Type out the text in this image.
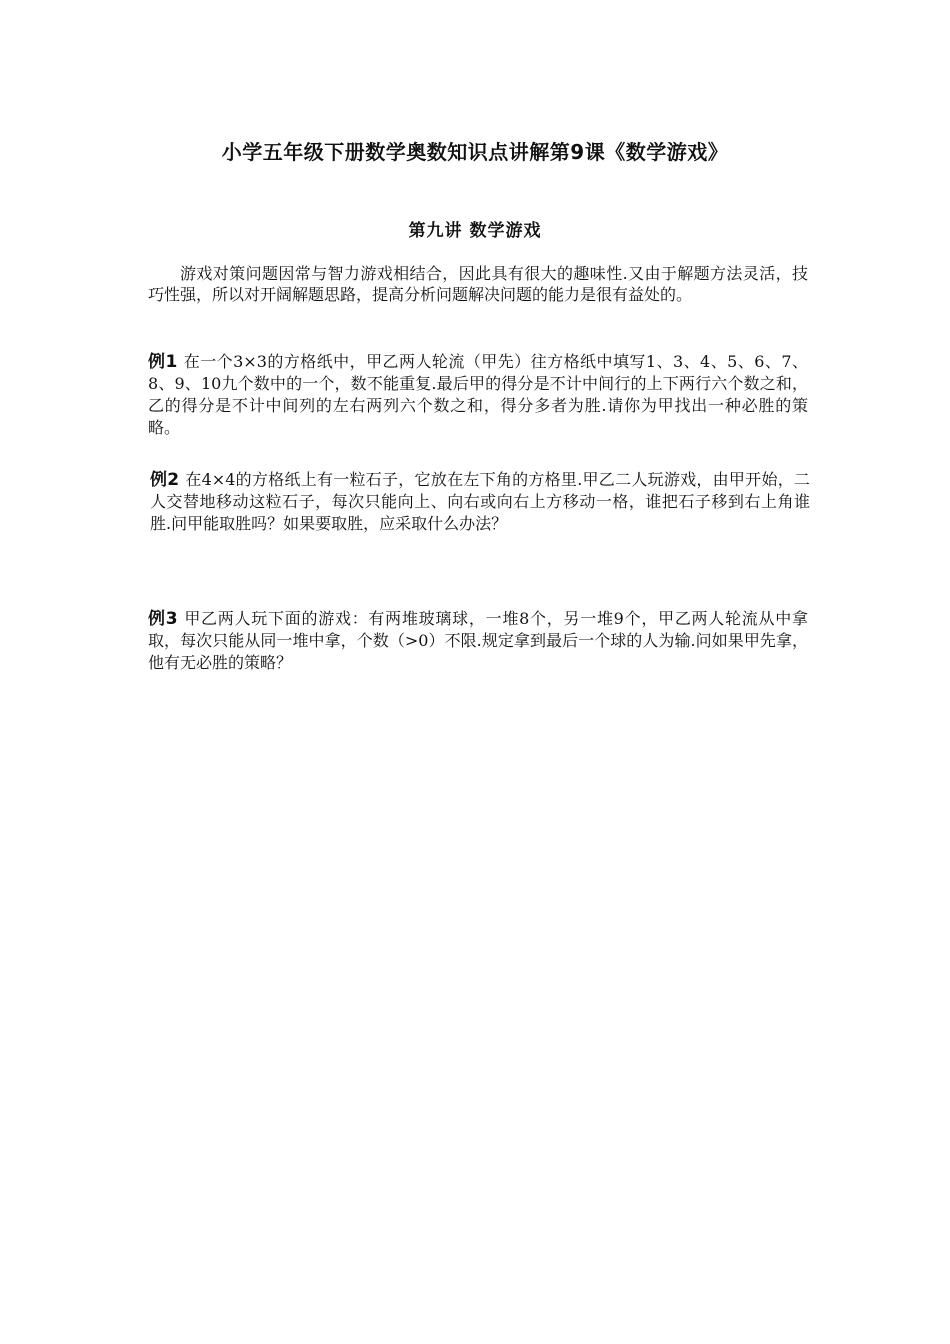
小学五年级下册数学奥数知识点讲解第9课《数学游戏》
第九讲 数学游戏

游戏对策问题因常与智力游戏相结合，因此具有很大的趣味性.又由于解题方法灵活，技巧性强，所以对开阔解题思路，提高分析问题解决问题的能力是很有益处的。

例1 在一个3×3的方格纸中，甲乙两人轮流（甲先）往方格纸中填写1、3、4、5、6、7、8、9、10九个数中的一个，数不能重复.最后甲的得分是不计中间行的上下两行六个数之和，乙的得分是不计中间列的左右两列六个数之和，得分多者为胜.请你为甲找出一种必胜的策略。

例2 在4×4的方格纸上有一粒石子，它放在左下角的方格里.甲乙二人玩游戏，由甲开始，二人交替地移动这粒石子，每次只能向上、向右或向右上方移动一格，谁把石子移到右上角谁胜.问甲能取胜吗？如果要取胜，应采取什么办法？

例3 甲乙两人玩下面的游戏：有两堆玻璃球，一堆8个，另一堆9个，甲乙两人轮流从中拿取，每次只能从同一堆中拿，个数（>0）不限.规定拿到最后一个球的人为输.问如果甲先拿，他有无必胜的策略？
